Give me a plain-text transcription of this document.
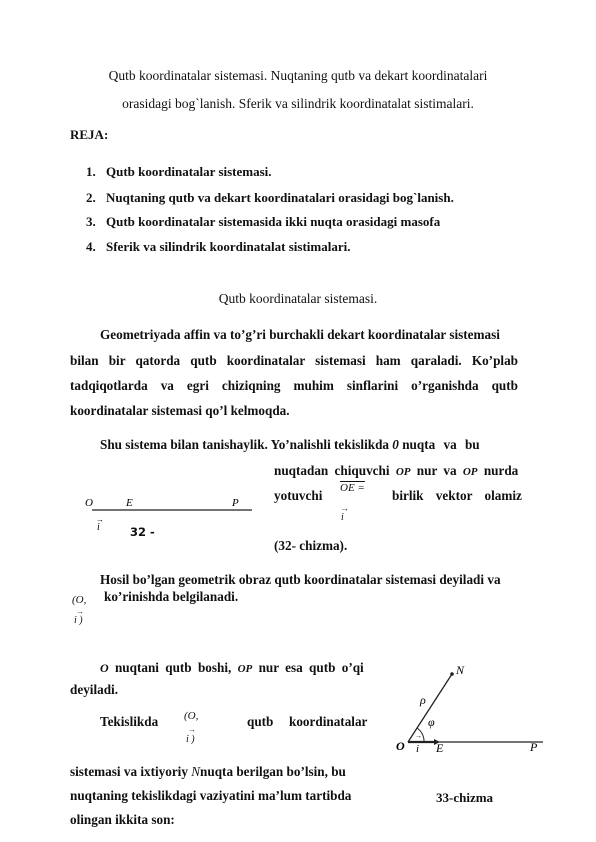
Qutb koordinatalar sistemasi. Nuqtaning qutb va dekart koordinatalari
orasidagi bog`lanish. Sferik va silindrik koordinatalat sistimalari.
REJA:
1. Qutb koordinatalar sistemasi.
2. Nuqtaning qutb va dekart koordinatalari orasidagi bog`lanish.
3. Qutb koordinatalar sistemasida ikki nuqta orasidagi masofa
4. Sferik va silindrik koordinatalat sistimalari.
Qutb koordinatalar sistemasi.
Geometriyada affin va to’g’ri burchakli dekart koordinatalar sistemasi
bilan bir qatorda qutb koordinatalar sistemasi ham qaraladi. Ko’plab
tadqiqotlarda va egri chiziqning muhim sinflarini o’rganishda qutb
koordinatalar sistemasi qo’l kelmoqda.
Shu sistema bilan tanishaylik. Yo’nalishli tekislikda 0 nuqta va bu
nuqtadan chiquvchi OP nur va OP nurda
yotuvchi OE =
→
i
birlik vektor olamiz
(32- chizma).
O	E	P
→
i	32 -
Hosil bo’lgan geometrik obraz qutb koordinatalar sistemasi deyiladi va
ko’rinishda belgilanadi.
(O,
→
i )
O nuqtani qutb boshi, OP nur esa qutb o’qi
deyiladi.
Tekislikda (O,
→
i )
qutb koordinatalar
sistemasi va ixtiyoriy Nnuqta berilgan bo’lsin, bu
nuqtaning tekislikdagi vaziyatini ma’lum tartibda
olingan ikkita son:
N
ρ
φ
O
→
i E	P
33-chizma
